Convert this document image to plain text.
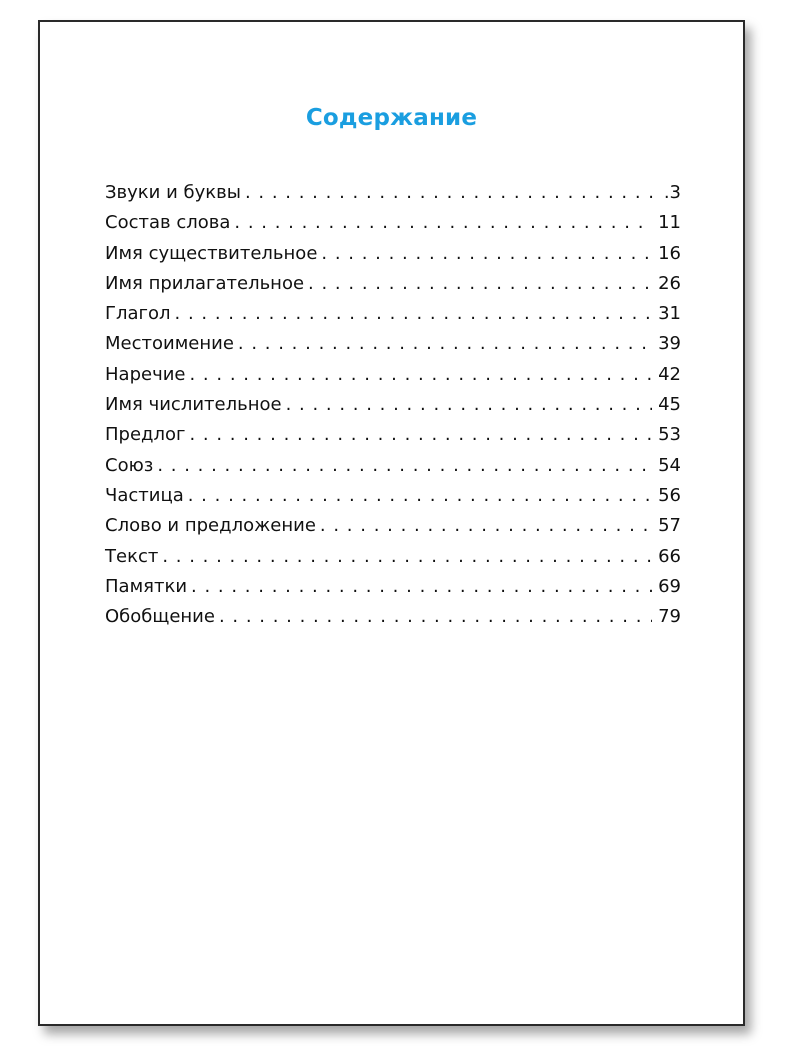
Содержание
Звуки и буквы . . .	.3
Состав слова . . .	11
Имя существительное . . .	16
Имя прилагательное . . .	26
Глагол . . .	31
Местоимение . . .	39
Наречие . . .	42
Имя числительное . . .	45
Предлог . . .	53
Союз . . .	54
Частица . . .	56
Слово и предложение . . .	57
Текст . . .	66
Памятки . . .	69
Обобщение . . .	79
